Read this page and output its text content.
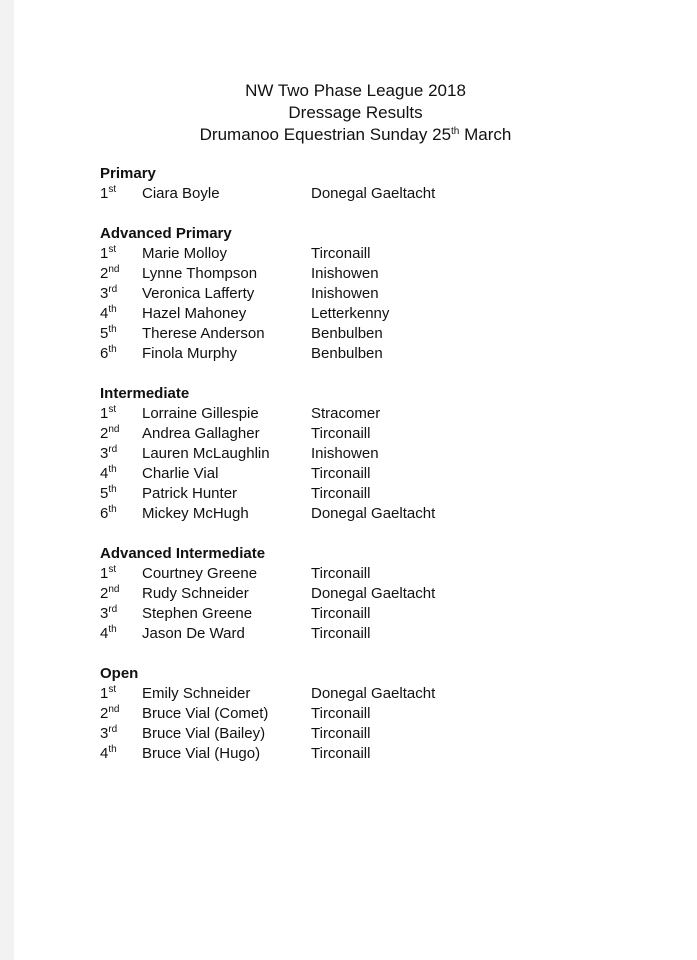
NW Two Phase League 2018
Dressage Results
Drumanoo Equestrian Sunday 25th March
Primary
1st	Ciara Boyle	Donegal Gaeltacht
Advanced Primary
1st	Marie Molloy	Tirconaill
2nd	Lynne Thompson	Inishowen
3rd	Veronica Lafferty	Inishowen
4th	Hazel Mahoney	Letterkenny
5th	Therese Anderson	Benbulben
6th	Finola Murphy	Benbulben
Intermediate
1st	Lorraine Gillespie	Stracomer
2nd	Andrea Gallagher	Tirconaill
3rd	Lauren McLaughlin	Inishowen
4th	Charlie Vial	Tirconaill
5th	Patrick Hunter	Tirconaill
6th	Mickey McHugh	Donegal Gaeltacht
Advanced Intermediate
1st	Courtney Greene	Tirconaill
2nd	Rudy Schneider	Donegal Gaeltacht
3rd	Stephen Greene	Tirconaill
4th	Jason De Ward	Tirconaill
Open
1st	Emily Schneider	Donegal Gaeltacht
2nd	Bruce Vial (Comet)	Tirconaill
3rd	Bruce Vial (Bailey)	Tirconaill
4th	Bruce Vial (Hugo)	Tirconaill
